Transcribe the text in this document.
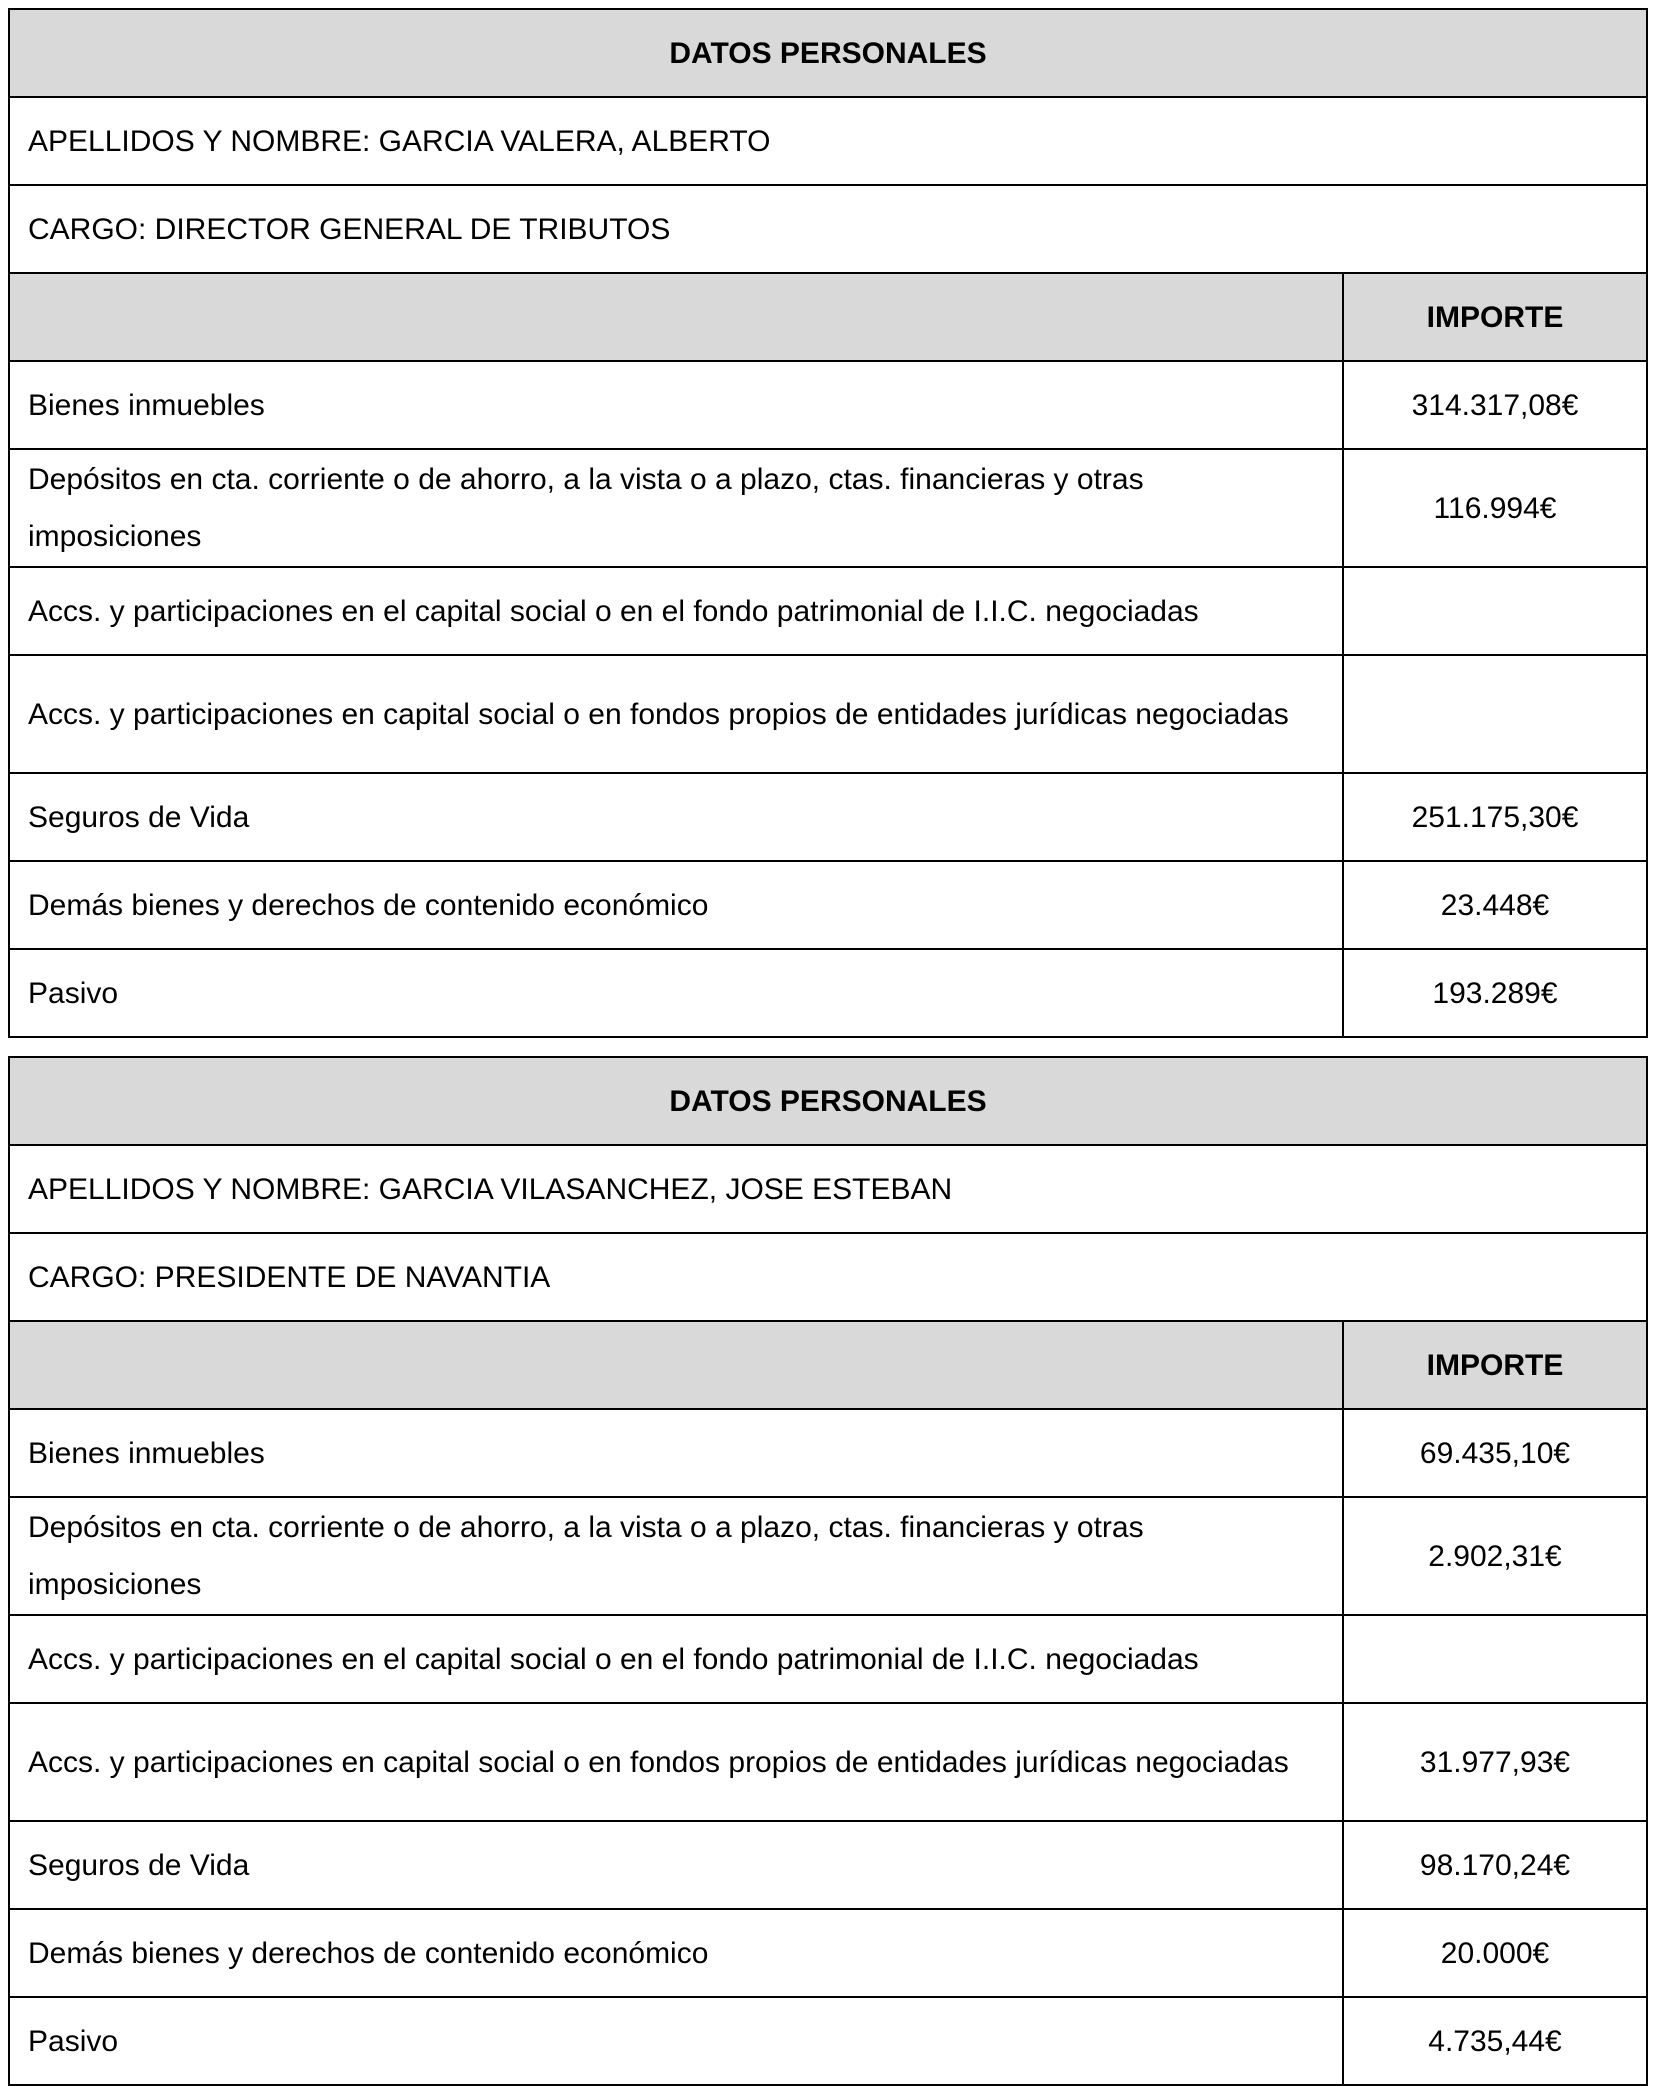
DATOS PERSONALES	
APELLIDOS Y NOMBRE: GARCIA VALERA, ALBERTO	
CARGO: DIRECTOR GENERAL DE TRIBUTOS	
	IMPORTE
Bienes inmuebles	314.317,08€
Depósitos en cta. corriente o de ahorro, a la vista o a plazo, ctas. financieras y otras imposiciones	116.994€
Accs. y participaciones en el capital social o en el fondo patrimonial de I.I.C. negociadas	
Accs. y participaciones en capital social o en fondos propios de entidades jurídicas negociadas	
Seguros de Vida	251.175,30€
Demás bienes y derechos de contenido económico	23.448€
Pasivo	193.289€
DATOS PERSONALES	
APELLIDOS Y NOMBRE: GARCIA VILASANCHEZ, JOSE ESTEBAN	
CARGO: PRESIDENTE DE NAVANTIA	
	IMPORTE
Bienes inmuebles	69.435,10€
Depósitos en cta. corriente o de ahorro, a la vista o a plazo, ctas. financieras y otras imposiciones	2.902,31€
Accs. y participaciones en el capital social o en el fondo patrimonial de I.I.C. negociadas	
Accs. y participaciones en capital social o en fondos propios de entidades jurídicas negociadas	31.977,93€
Seguros de Vida	98.170,24€
Demás bienes y derechos de contenido económico	20.000€
Pasivo	4.735,44€
